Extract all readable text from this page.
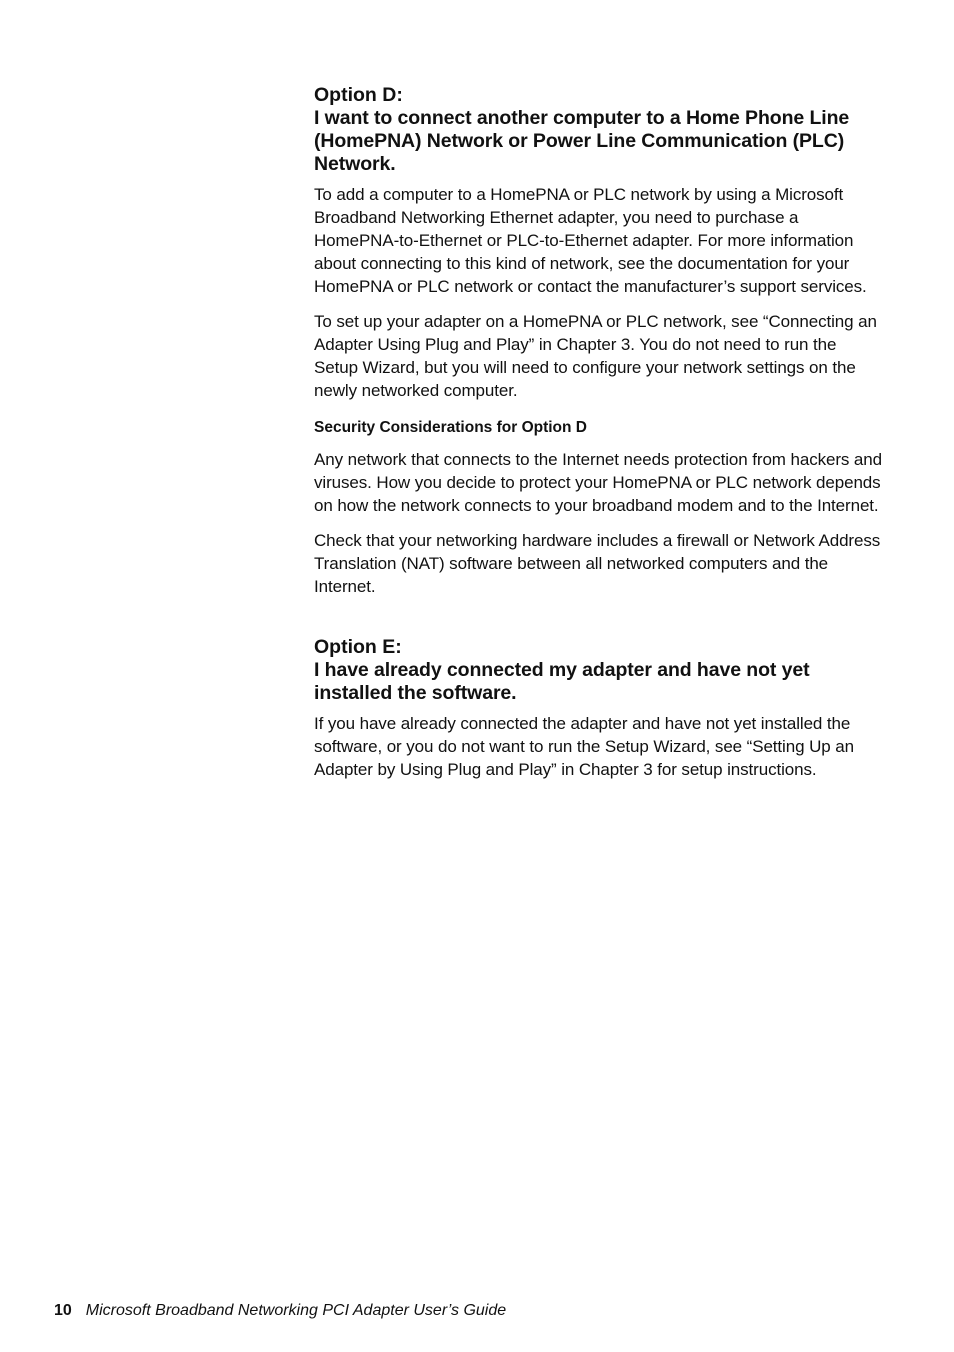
Option D:
I want to connect another computer to a Home Phone Line (HomePNA) Network or Power Line Communication (PLC) Network.

To add a computer to a HomePNA or PLC network by using a Microsoft Broadband Networking Ethernet adapter, you need to purchase a HomePNA-to-Ethernet or PLC-to-Ethernet adapter. For more information about connecting to this kind of network, see the documentation for your HomePNA or PLC network or contact the manufacturer’s support services.

To set up your adapter on a HomePNA or PLC network, see “Connecting an Adapter Using Plug and Play” in Chapter 3. You do not need to run the Setup Wizard, but you will need to configure your network settings on the newly networked computer.

Security Considerations for Option D

Any network that connects to the Internet needs protection from hackers and viruses. How you decide to protect your HomePNA or PLC network depends on how the network connects to your broadband modem and to the Internet.

Check that your networking hardware includes a firewall or Network Address Translation (NAT) software between all networked computers and the Internet.

Option E:
I have already connected my adapter and have not yet installed the software.

If you have already connected the adapter and have not yet installed the software, or you do not want to run the Setup Wizard, see “Setting Up an Adapter by Using Plug and Play” in Chapter 3 for setup instructions.

10 Microsoft Broadband Networking PCI Adapter User’s Guide
